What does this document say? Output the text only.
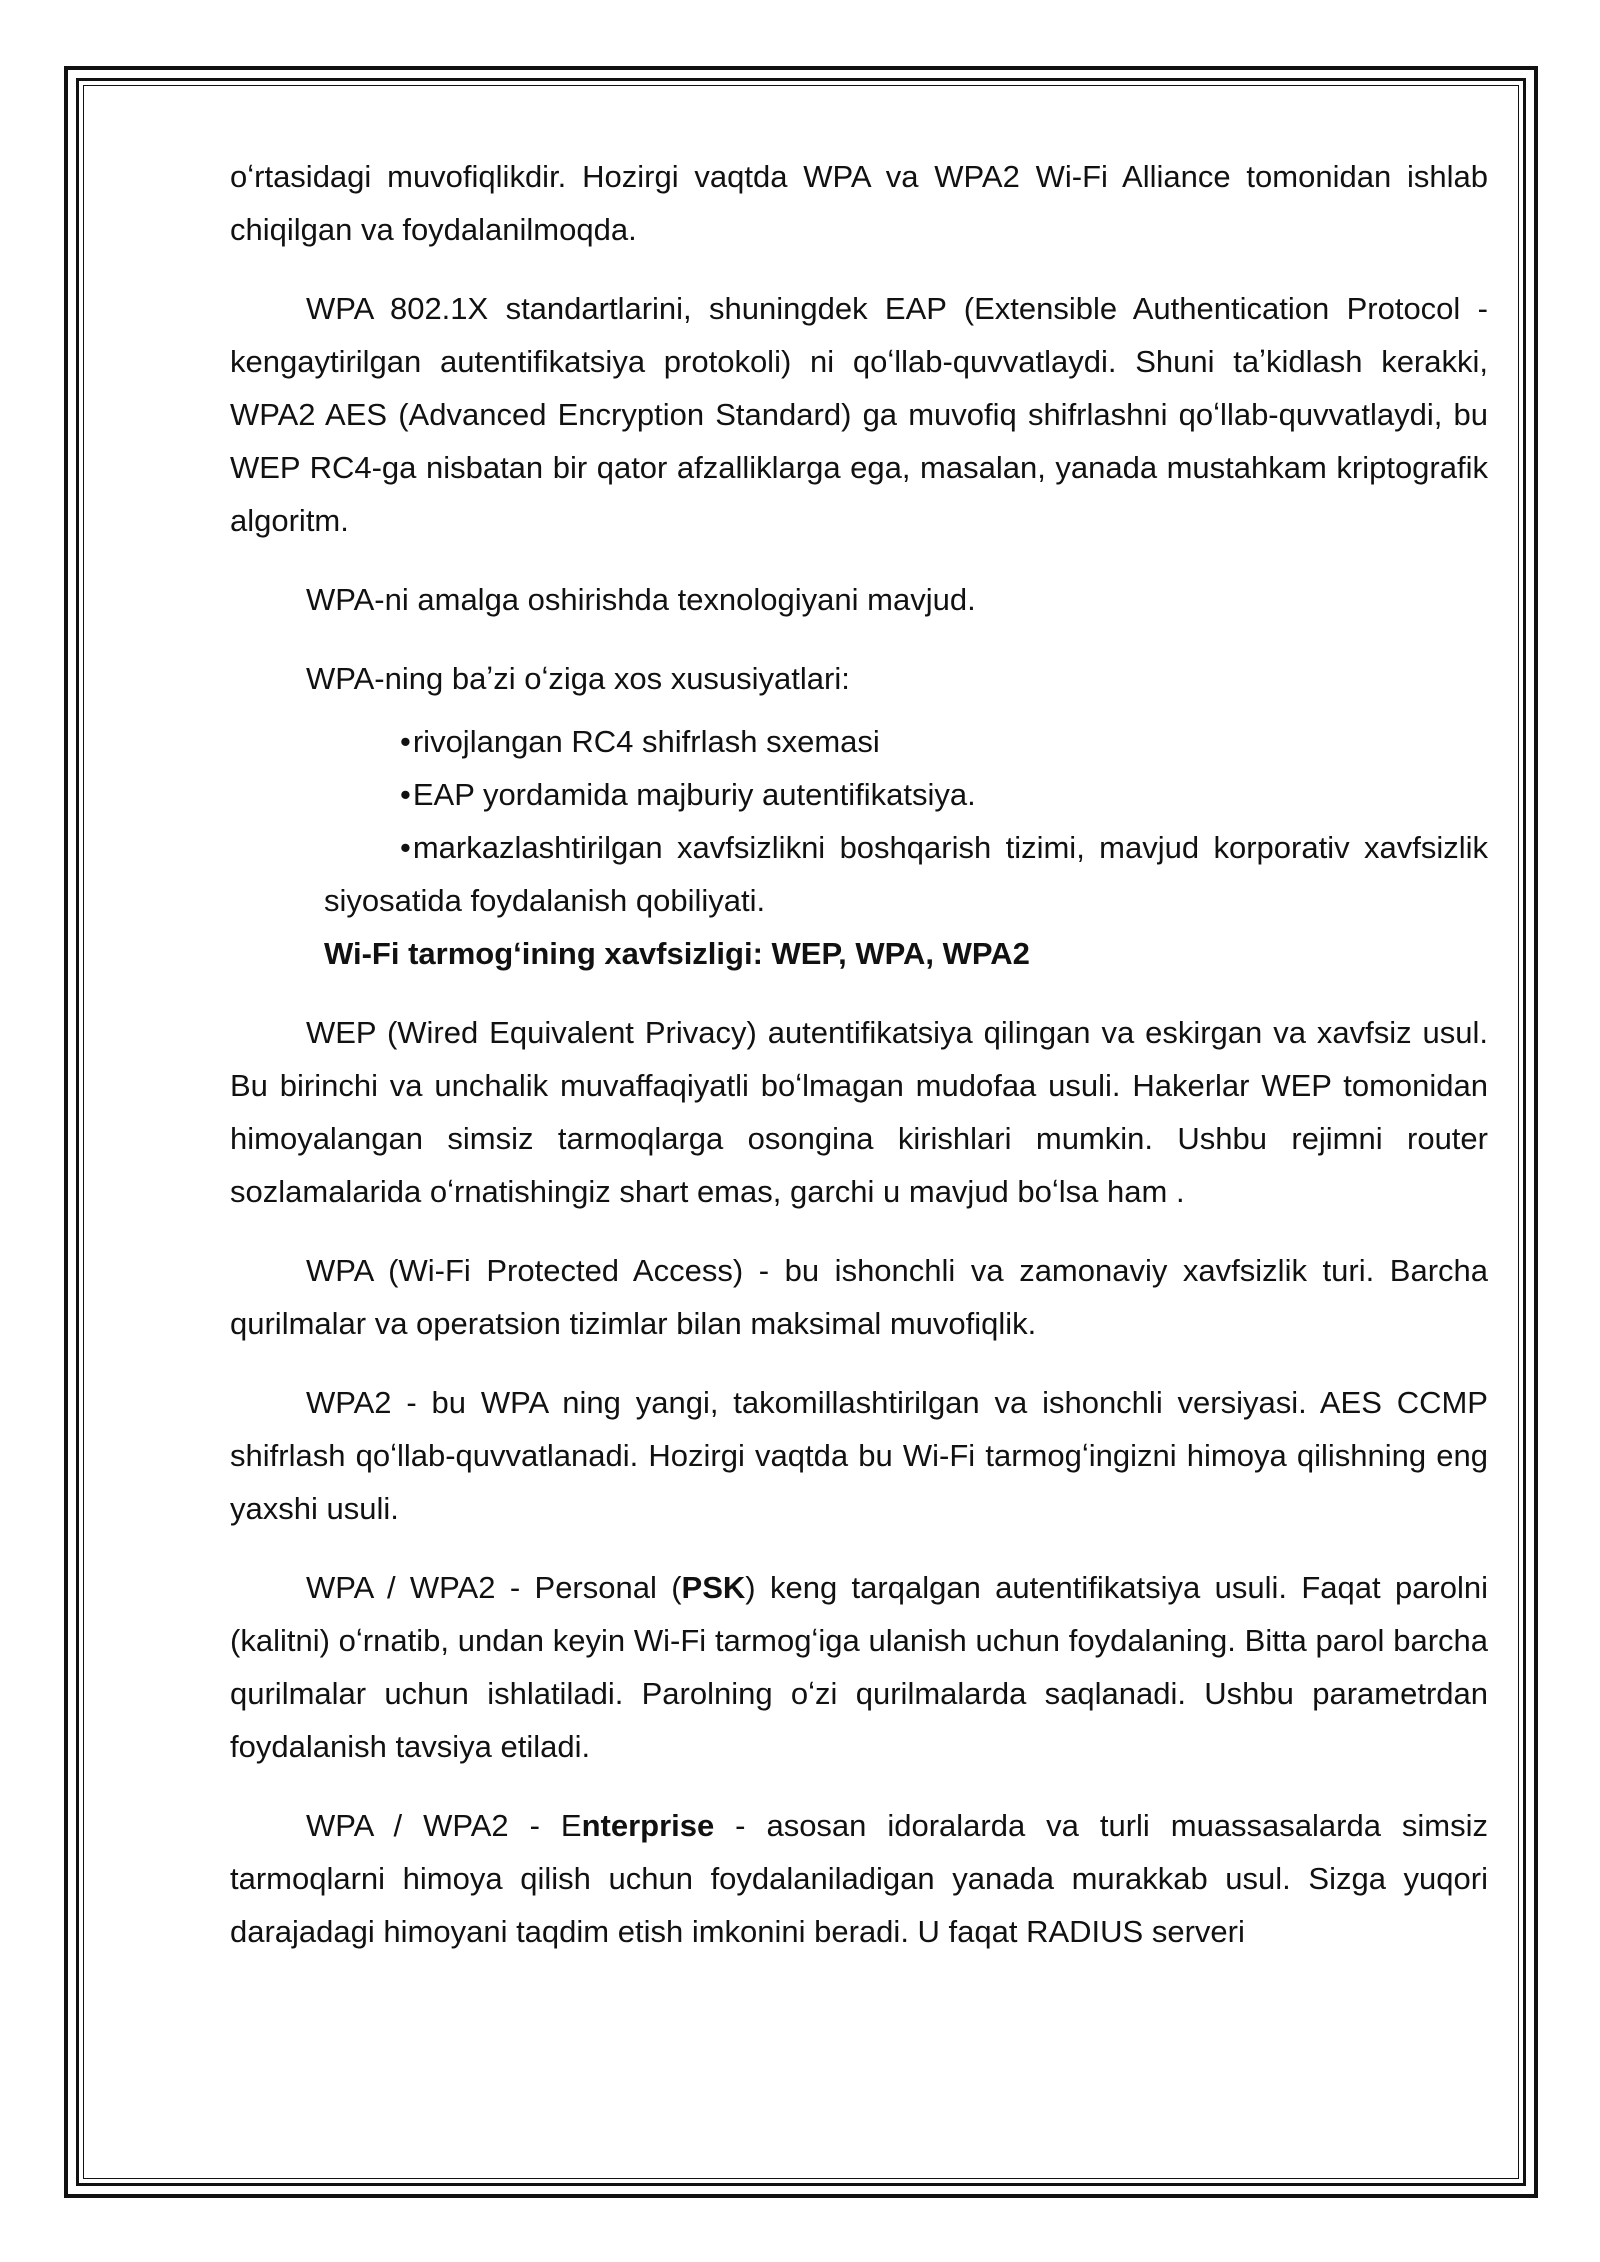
oʻrtasidagi muvofiqlikdir. Hozirgi vaqtda WPA va WPA2 Wi-Fi Alliance tomonidan ishlab chiqilgan va foydalanilmoqda.

WPA 802.1X standartlarini, shuningdek EAP (Extensible Authentication Protocol -kengaytirilgan autentifikatsiya protokoli) ni qoʻllab-quvvatlaydi. Shuni taʼkidlash kerakki, WPA2 AES (Advanced Encryption Standard) ga muvofiq shifrlashni qoʻllab-quvvatlaydi, bu WEP RC4-ga nisbatan bir qator afzalliklarga ega, masalan, yanada mustahkam kriptografik algoritm.

WPA-ni amalga oshirishda texnologiyani mavjud.

WPA-ning baʼzi oʻziga xos xususiyatlari:

•rivojlangan RC4 shifrlash sxemasi
•EAP yordamida majburiy autentifikatsiya.
•markazlashtirilgan xavfsizlikni boshqarish tizimi, mavjud korporativ xavfsizlik siyosatida foydalanish qobiliyati.

Wi-Fi tarmogʻining xavfsizligi: WEP, WPA, WPA2

WEP (Wired Equivalent Privacy) autentifikatsiya qilingan va eskirgan va xavfsiz usul. Bu birinchi va unchalik muvaffaqiyatli boʻlmagan mudofaa usuli. Hakerlar WEP tomonidan himoyalangan simsiz tarmoqlarga osongina kirishlari mumkin. Ushbu rejimni router sozlamalarida oʻrnatishingiz shart emas, garchi u mavjud boʻlsa ham .

WPA (Wi-Fi Protected Access) - bu ishonchli va zamonaviy xavfsizlik turi. Barcha qurilmalar va operatsion tizimlar bilan maksimal muvofiqlik.

WPA2 - bu WPA ning yangi, takomillashtirilgan va ishonchli versiyasi. AES CCMP shifrlash qoʻllab-quvvatlanadi. Hozirgi vaqtda bu Wi-Fi tarmogʻingizni himoya qilishning eng yaxshi usuli.

WPA / WPA2 - Personal (PSK) keng tarqalgan autentifikatsiya usuli. Faqat parolni (kalitni) oʻrnatib, undan keyin Wi-Fi tarmogʻiga ulanish uchun foydalaning. Bitta parol barcha qurilmalar uchun ishlatiladi. Parolning oʻzi qurilmalarda saqlanadi. Ushbu parametrdan foydalanish tavsiya etiladi.

WPA / WPA2 - Enterprise - asosan idoralarda va turli muassasalarda simsiz tarmoqlarni himoya qilish uchun foydalaniladigan yanada murakkab usul. Sizga yuqori darajadagi himoyani taqdim etish imkonini beradi. U faqat RADIUS serveri
